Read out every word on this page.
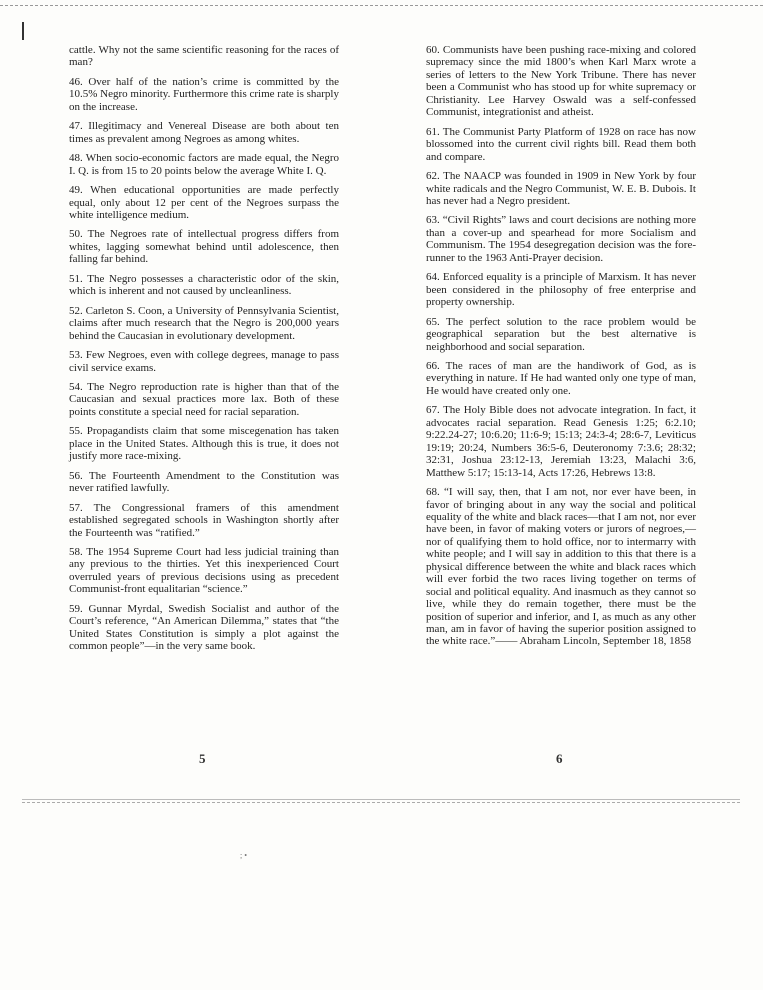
cattle. Why not the same scientific reasoning for the races of man?

46. Over half of the nation’s crime is committed by the 10.5% Negro minority. Furthermore this crime rate is sharply on the increase.

47. Illegitimacy and Venereal Disease are both about ten times as prevalent among Negroes as among whites.

48. When socio-economic factors are made equal, the Negro I. Q. is from 15 to 20 points below the average White I. Q.

49. When educational opportunities are made perfectly equal, only about 12 per cent of the Negroes surpass the white intelligence medium.

50. The Negroes rate of intellectual progress differs from whites, lagging somewhat behind until adolescence, then falling far behind.

51. The Negro possesses a characteristic odor of the skin, which is inherent and not caused by uncleanliness.

52. Carleton S. Coon, a University of Pennsylvania Scientist, claims after much research that the Negro is 200,000 years behind the Caucasian in evolutionary development.

53. Few Negroes, even with college degrees, manage to pass civil service exams.

54. The Negro reproduction rate is higher than that of the Caucasian and sexual practices more lax. Both of these points constitute a special need for racial separation.

55. Propagandists claim that some miscegenation has taken place in the United States. Although this is true, it does not justify more race-mixing.

56. The Fourteenth Amendment to the Constitution was never ratified lawfully.

57. The Congressional framers of this amendment established segregated schools in Washington shortly after the Fourteenth was “ratified.”

58. The 1954 Supreme Court had less judicial training than any previous to the thirties. Yet this inexperienced Court overruled years of previous decisions using as precedent Communist-front equalitarian “science.”

59. Gunnar Myrdal, Swedish Socialist and author of the Court’s reference, “An American Dilemma,” states that “the United States Constitution is simply a plot against the common people”—in the very same book.

60. Communists have been pushing race-mixing and colored supremacy since the mid 1800’s when Karl Marx wrote a series of letters to the New York Tribune. There has never been a Communist who has stood up for white supremacy or Christianity. Lee Harvey Oswald was a self-confessed Communist, integrationist and atheist.

61. The Communist Party Platform of 1928 on race has now blossomed into the current civil rights bill. Read them both and compare.

62. The NAACP was founded in 1909 in New York by four white radicals and the Negro Communist, W. E. B. Dubois. It has never had a Negro president.

63. “Civil Rights” laws and court decisions are nothing more than a cover-up and spearhead for more Socialism and Communism. The 1954 desegregation decision was the fore-runner to the 1963 Anti-Prayer decision.

64. Enforced equality is a principle of Marxism. It has never been considered in the philosophy of free enterprise and property ownership.

65. The perfect solution to the race problem would be geographical separation but the best alternative is neighborhood and social separation.

66. The races of man are the handiwork of God, as is everything in nature. If He had wanted only one type of man, He would have created only one.

67. The Holy Bible does not advocate integration. In fact, it advocates racial separation. Read Genesis 1:25; 6:2.10; 9:22.24-27; 10:6.20; 11:6-9; 15:13; 24:3-4; 28:6-7, Leviticus 19:19; 20:24, Numbers 36:5-6, Deuteronomy 7:3.6; 28:32; 32:31, Joshua 23:12-13, Jeremiah 13:23, Malachi 3:6, Matthew 5:17; 15:13-14, Acts 17:26, Hebrews 13:8.

68. “I will say, then, that I am not, nor ever have been, in favor of bringing about in any way the social and political equality of the white and black races—that I am not, nor ever have been, in favor of making voters or jurors of negroes,—nor of qualifying them to hold office, nor to intermarry with white people; and I will say in addition to this that there is a physical difference between the white and black races which will ever forbid the two races living together on terms of social and political equality. And inasmuch as they cannot so live, while they do remain together, there must be the position of superior and inferior, and I, as much as any other man, am in favor of having the superior position assigned to the white race.”—— Abraham Lincoln, September 18, 1858

5	6
; •
